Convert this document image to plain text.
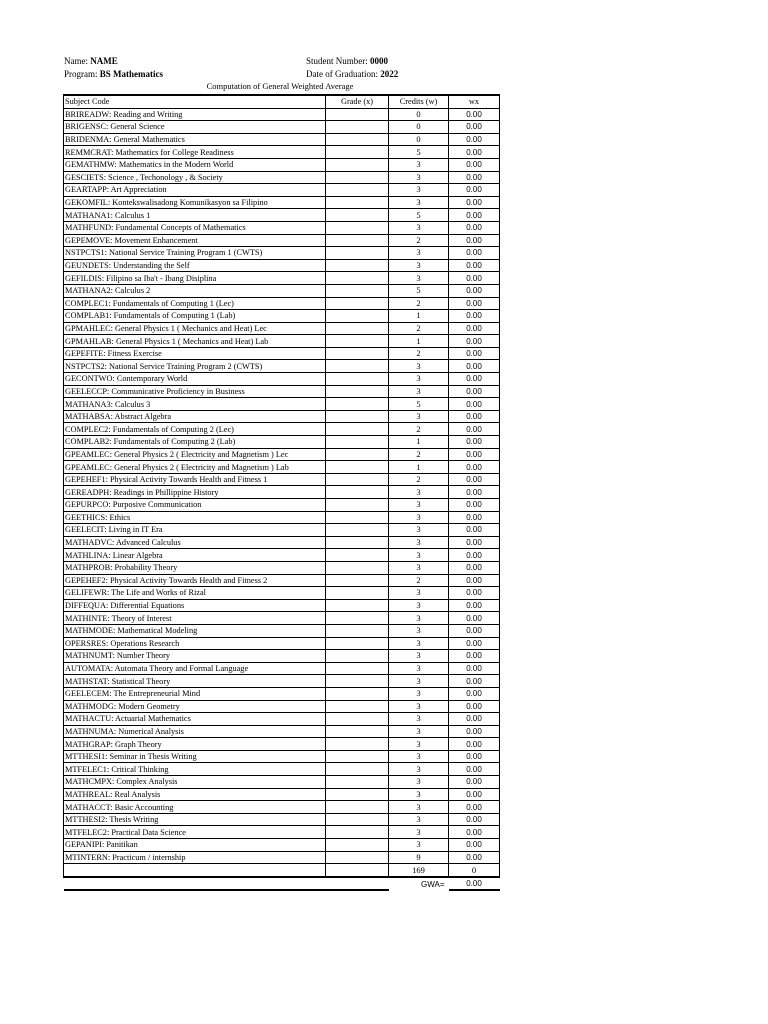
Name: NAME
Program: BS Mathematics
Student Number: 0000
Date of Graduation: 2022
Computation of General Weighted Average
Subject Code	Grade (x)	Credits (w)	wx
BRIREADW: Reading and Writing		0	0.00
BRIGENSC: General Science		0	0.00
BRIDENMA: General Mathematics		0	0.00
REMMCRAT: Mathematics for College Readiness		5	0.00
GEMATHMW: Mathematics in the Modern World		3	0.00
GESCIETS: Science , Techonology , & Society		3	0.00
GEARTAPP: Art Appreciation		3	0.00
GEKOMFIL: Kontekswalisadong Komunikasyon sa Filipino		3	0.00
MATHANA1: Calculus 1		5	0.00
MATHFUND: Fundamental Concepts of Mathematics		3	0.00
GEPEMOVE: Movement Enhancement		2	0.00
NSTPCTS1: National Service Training Program 1 (CWTS)		3	0.00
GEUNDETS: Understanding the Self		3	0.00
GEFILDIS: Filipino sa Iba't - Ibang Disiplina		3	0.00
MATHANA2: Calculus 2		5	0.00
COMPLEC1: Fundamentals of Computing 1 (Lec)		2	0.00
COMPLAB1: Fundamentals of Computing 1 (Lab)		1	0.00
GPMAHLEC: General Physics 1 ( Mechanics and Heat) Lec		2	0.00
GPMAHLAB: General Physics 1 ( Mechanics and Heat) Lab		1	0.00
GEPEFITE: Fitness Exercise		2	0.00
NSTPCTS2: National Service Training Program 2 (CWTS)		3	0.00
GECONTWO: Contemporary World		3	0.00
GEELECCP: Communicative Proficiency in Business		3	0.00
MATHANA3: Calculus 3		5	0.00
MATHABSA: Abstract Algebra		3	0.00
COMPLEC2: Fundamentals of Computing 2 (Lec)		2	0.00
COMPLAB2: Fundamentals of Computing 2 (Lab)		1	0.00
GPEAMLEC: General Physics 2 ( Electricity and Magnetism ) Lec		2	0.00
GPEAMLEC: General Physics 2 ( Electricity and Magnetism ) Lab		1	0.00
GEPEHEF1: Physical Activity Towards Health and Fitness 1		2	0.00
GEREADPH: Readings in Phillippine History		3	0.00
GEPURPCO: Purposive Communication		3	0.00
GEETHICS: Ethics		3	0.00
GEELECIT: Living in IT Era		3	0.00
MATHADVC: Advanced Calculus		3	0.00
MATHLINA: Linear Algebra		3	0.00
MATHPROB: Probability Theory		3	0.00
GEPEHEF2: Physical Activity Towards Health and Fitness 2		2	0.00
GELIFEWR: The Life and Works of Rizal		3	0.00
DIFFEQUA: Differential Equations		3	0.00
MATHINTE: Theory of Interest		3	0.00
MATHMODE: Mathematical Modeling		3	0.00
OPERSRES: Operations Research		3	0.00
MATHNUMT: Number Theory		3	0.00
AUTOMATA: Automata Theory and Formal Language		3	0.00
MATHSTAT: Statistical Theory		3	0.00
GEELECEM: The Entrepreneurial Mind		3	0.00
MATHMODG: Modern Geometry		3	0.00
MATHACTU: Actuarial Mathematics		3	0.00
MATHNUMA: Numerical Analysis		3	0.00
MATHGRAP: Graph Theory		3	0.00
MTTHESI1: Seminar in Thesis Writing		3	0.00
MTFELEC1: Critical Thinking		3	0.00
MATHCMPX: Complex Analysis		3	0.00
MATHREAL: Real Analysis		3	0.00
MATHACCT: Basic Accounting		3	0.00
MTTHESI2: Thesis Writing		3	0.00
MTFELEC2: Practical Data Science		3	0.00
GEPANIPI: Panitikan		3	0.00
MTINTERN: Practicum / internship		9	0.00
		169	0
		GWA=	0.00
